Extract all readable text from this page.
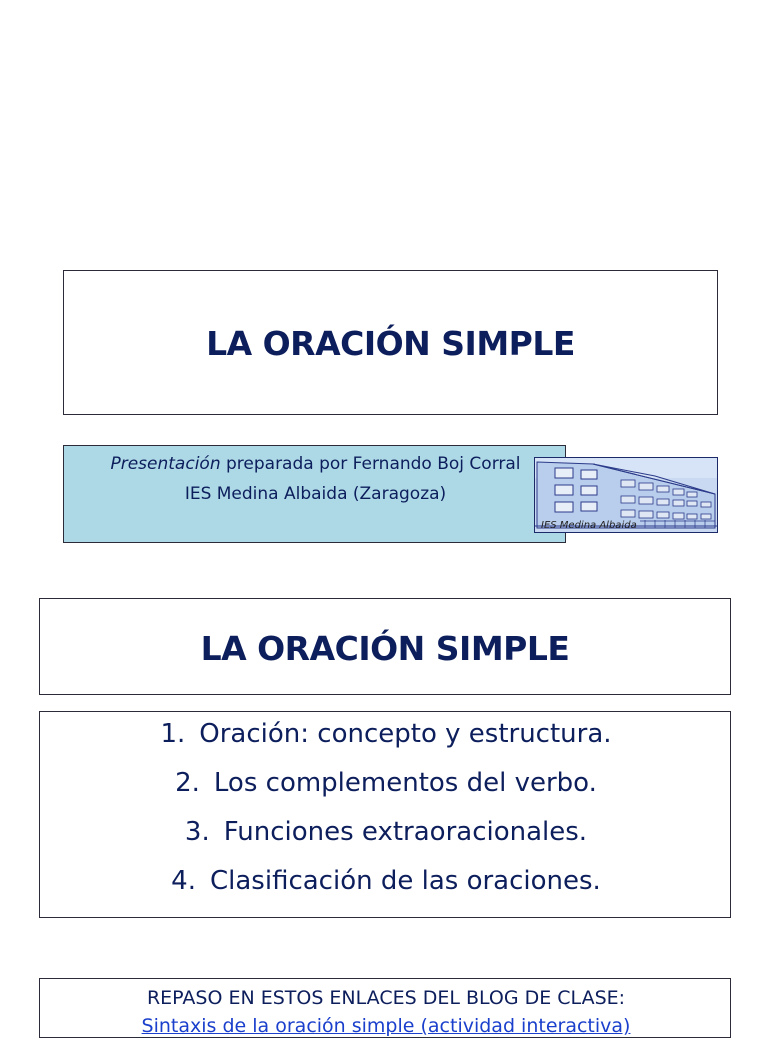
LA ORACIÓN SIMPLE
Presentación preparada por Fernando Boj Corral
IES Medina Albaida (Zaragoza)
IES Medina Albaida
LA ORACIÓN SIMPLE
1. Oración: concepto y estructura.
2. Los complementos del verbo.
3. Funciones extraoracionales.
4. Clasificación de las oraciones.
REPASO EN ESTOS ENLACES DEL BLOG DE CLASE:
Sintaxis de la oración simple (actividad interactiva)
